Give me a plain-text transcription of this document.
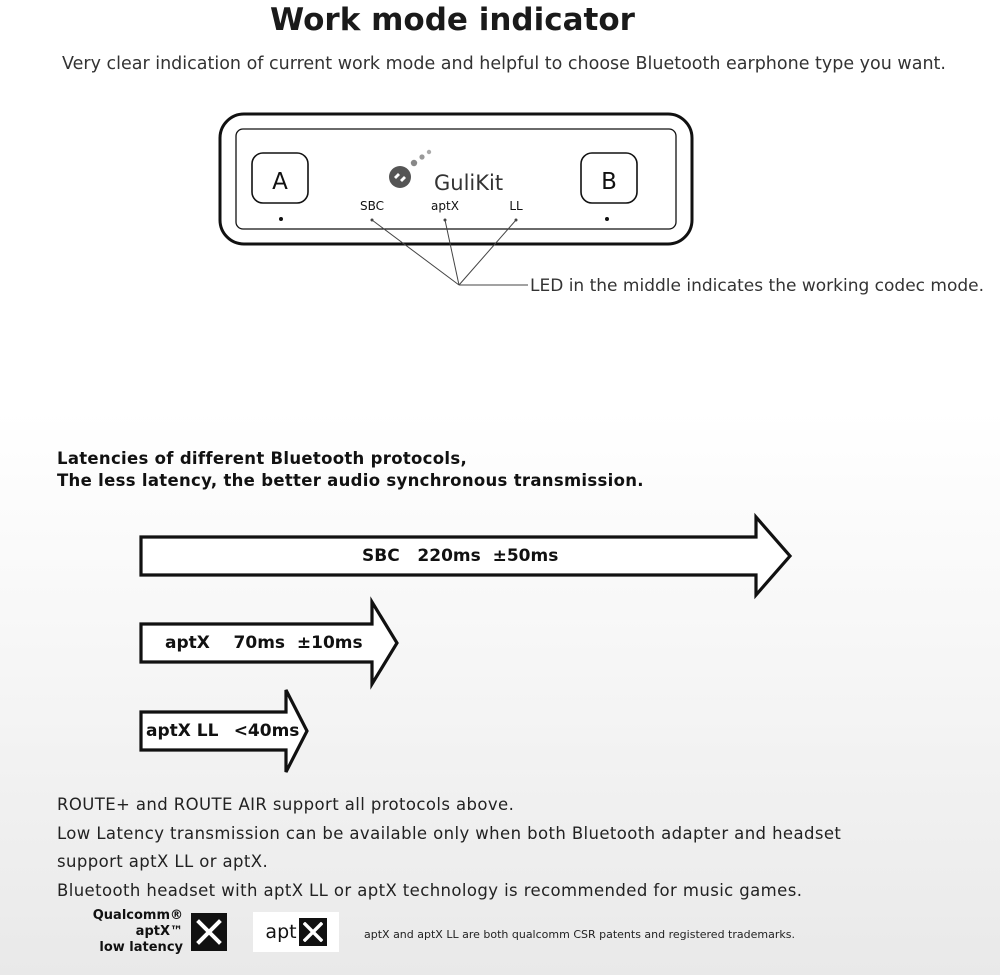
Work mode indicator
Very clear indication of current work mode and helpful to choose Bluetooth earphone type you want.
A	B
GuliKit
SBC	aptX	LL
LED in the middle indicates the working codec mode.
Latencies of different Bluetooth protocols,
The less latency, the better audio synchronous transmission.
SBC   220ms  ±50ms
aptX    70ms  ±10ms
aptX LL   <40ms
ROUTE+ and ROUTE AIR support all protocols above.
Low Latency transmission can be available only when both Bluetooth adapter and headset
support aptX LL or aptX.
Bluetooth headset with aptX LL or aptX technology is recommended for music games.
Qualcomm® aptX™
low latency
apt	aptX and aptX LL are both qualcomm CSR patents and registered trademarks.
